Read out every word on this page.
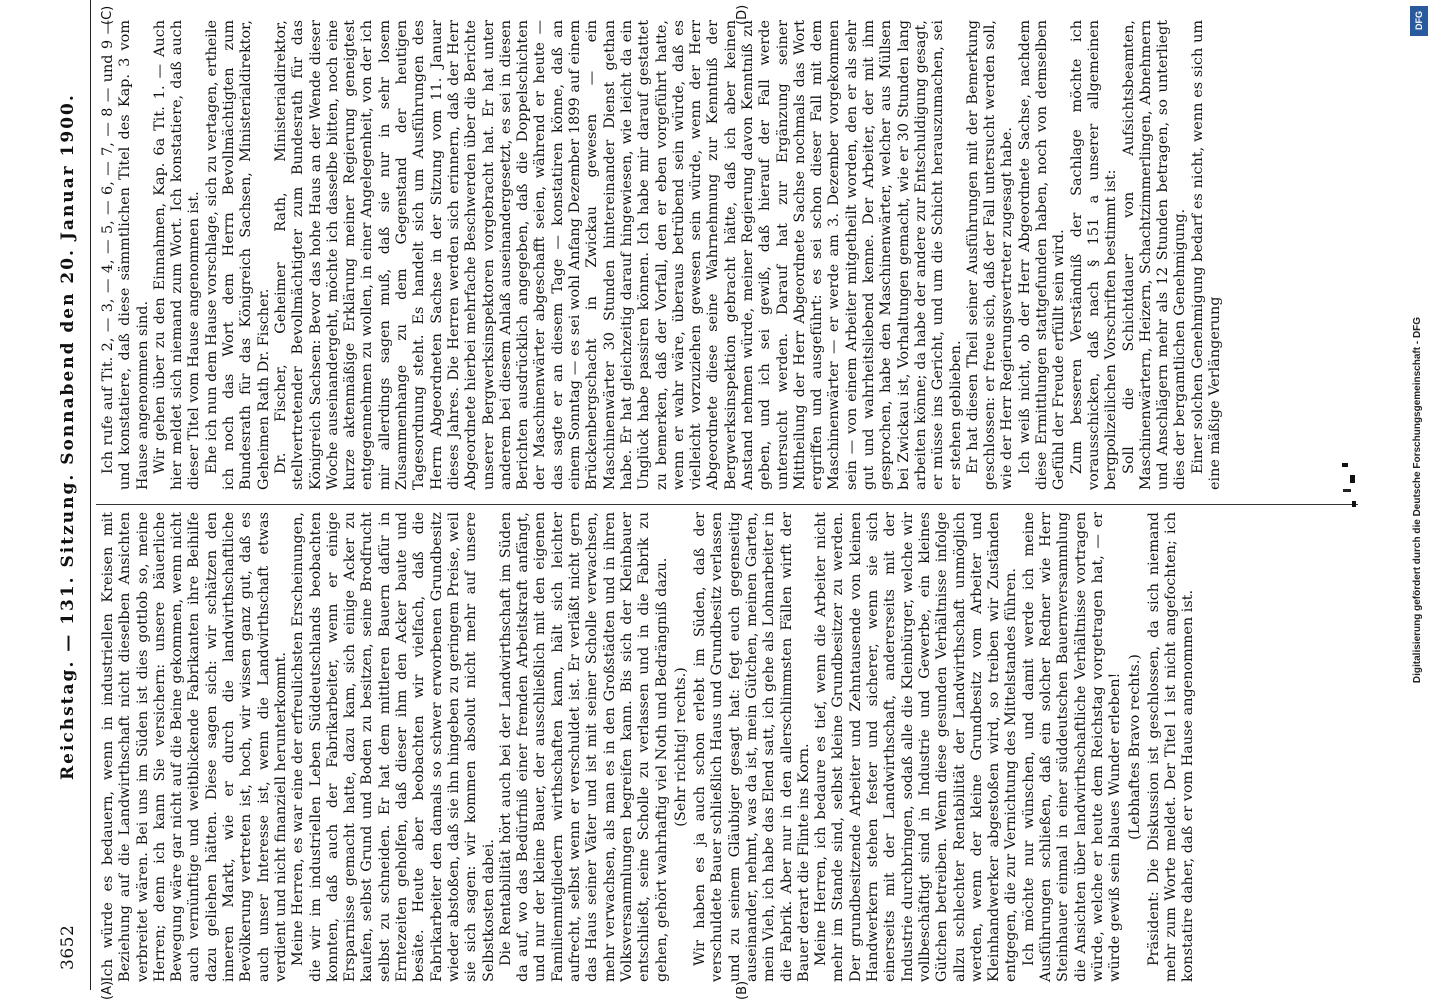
3652
Reichstag. — 131. Sitzung. Sonnabend den 20. Januar 1900.
(A)	(B)
(C)	(D)

Ich würde es bedauern, wenn in industriellen Kreisen mit Beziehung auf die Landwirthschaft nicht dieselben Ansichten verbreitet wären. Bei uns im Süden ist dies gottlob so, meine Herren; denn ich kann Sie versichern: unsere bäuerliche Bewegung wäre gar nicht auf die Beine gekommen, wenn nicht auch vernünftige und weitblickende Fabrikanten ihre Beihilfe dazu geliehen hätten. Diese sagen sich: wir schätzen den inneren Markt, wie er durch die landwirthschaftliche Bevölkerung vertreten ist, hoch, wir wissen ganz gut, daß es auch unser Interesse ist, wenn die Landwirthschaft etwas verdient und nicht finanziell herunterkommt. Meine Herren, es war eine der erfreulichsten Erscheinungen, die wir im industriellen Leben Süddeutschlands beobachten konnten, daß auch der Fabrikarbeiter, wenn er einige Ersparnisse gemacht hatte, dazu kam, sich einige Acker zu kaufen, selbst Grund und Boden zu besitzen, seine Brodfrucht selbst zu schneiden. Er hat dem mittleren Bauern dafür in Erntezeiten geholfen, daß dieser ihm den Acker baute und besäte. Heute aber beobachten wir vielfach, daß die Fabrikarbeiter den damals so schwer erworbenen Grundbesitz wieder abstoßen, daß sie ihn hingeben zu geringem Preise, weil sie sich sagen: wir kommen absolut nicht mehr auf unsere Selbstkosten dabei. Die Rentabilität hört auch bei der Landwirthschaft im Süden da auf, wo das Bedürfniß einer fremden Arbeitskraft anfängt, und nur der kleine Bauer, der ausschließlich mit den eigenen Familienmitgliedern wirthschaften kann, hält sich leichter aufrecht, selbst wenn er verschuldet ist. Er verläßt nicht gern das Haus seiner Väter und ist mit seiner Scholle verwachsen, mehr verwachsen, als man es in den Großstädten und in ihren Volksversammlungen begreifen kann. Bis sich der Kleinbauer entschließt, seine Scholle zu verlassen und in die Fabrik zu gehen, gehört wahrhaftig viel Noth und Bedrängniß dazu. (Sehr richtig! rechts.) Wir haben es ja auch schon erlebt im Süden, daß der verschuldete Bauer schließlich Haus und Grundbesitz verlassen und zu seinem Gläubiger gesagt hat: fegt euch gegenseitig auseinander, nehmt, was da ist, mein Gütchen, meinen Garten, mein Vieh, ich habe das Elend satt, ich gehe als Lohnarbeiter in die Fabrik. Aber nur in den allerschlimmsten Fällen wirft der Bauer derart die Flinte ins Korn. Meine Herren, ich bedaure es tief, wenn die Arbeiter nicht mehr im Stande sind, selbst kleine Grundbesitzer zu werden. Der grundbesitzende Arbeiter und Zehntausende von kleinen Handwerkern stehen fester und sicherer, wenn sie sich einerseits mit der Landwirthschaft, andererseits mit der Industrie durchbringen, sodaß alle die Kleinbürger, welche wir vollbeschäftigt sind in Industrie und Gewerbe, ein kleines Gütchen betreiben. Wenn diese gesunden Verhältnisse infolge allzu schlechter Rentabilität der Landwirthschaft unmöglich werden, wenn der kleine Grundbesitz vom Arbeiter und Kleinhandwerker abgestoßen wird, so treiben wir Zuständen entgegen, die zur Vernichtung des Mittelstandes führen. Ich möchte nur wünschen, und damit werde ich meine Ausführungen schließen, daß ein solcher Redner wie Herr Steinhauer einmal in einer süddeutschen Bauernversammlung die Ansichten über landwirthschaftliche Verhältnisse vortragen würde, welche er heute dem Reichstag vorgetragen hat, — er würde gewiß sein blaues Wunder erleben! (Lebhaftes Bravo rechts.) Präsident: Die Diskussion ist geschlossen, da sich niemand mehr zum Worte meldet. Der Titel 1 ist nicht angefochten; ich konstatire daher, daß er vom Hause angenommen ist.

Ich rufe auf Tit. 2, — 3, — 4, — 5, — 6, — 7, — 8 — und 9 — und konstatiere, daß diese sämmtlichen Titel des Kap. 3 vom Hause angenommen sind. Wir gehen über zu den Einnahmen, Kap. 6a Tit. 1. — Auch hier meldet sich niemand zum Wort. Ich konstatiere, daß auch dieser Titel vom Hause angenommen ist. Ehe ich nun dem Hause vorschlage, sich zu vertagen, ertheile ich noch das Wort dem Herrn Bevollmächtigten zum Bundesrath für das Königreich Sachsen, Ministerialdirektor, Geheimen Rath Dr. Fischer. Dr. Fischer, Geheimer Rath, Ministerialdirektor, stellvertretender Bevollmächtigter zum Bundesrath für das Königreich Sachsen: Bevor das hohe Haus an der Wende dieser Woche auseinandergeht, möchte ich dasselbe bitten, noch eine kurze aktenmäßige Erklärung meiner Regierung geneigtest entgegennehmen zu wollen, in einer Angelegenheit, von der ich mir allerdings sagen muß, daß sie nur in sehr losem Zusammenhange zu dem Gegenstand der heutigen Tagesordnung steht. Es handelt sich um Ausführungen des Herrn Abgeordneten Sachse in der Sitzung vom 11. Januar dieses Jahres. Die Herren werden sich erinnern, daß der Herr Abgeordnete hierbei mehrfache Beschwerden über die Berichte unserer Bergwerksinspektoren vorgebracht hat. Er hat unter anderem bei diesem Anlaß auseinandergesetzt, es sei in diesen Berichten ausdrücklich angegeben, daß die Doppelschichten der Maschinenwärter abgeschafft seien, während er heute — das sagte er an diesem Tage — konstatiren könne, daß an einem Sonntag — es sei wohl Anfang Dezember 1899 auf einem Brückenbergschacht in Zwickau gewesen — ein Maschinenwärter 30 Stunden hintereinander Dienst gethan habe. Er hat gleichzeitig darauf hingewiesen, wie leicht da ein Unglück habe passiren können. Ich habe mir darauf gestattet zu bemerken, daß der Vorfall, den er eben vorgeführt hatte, wenn er wahr wäre, überaus betrübend sein würde, daß es vielleicht vorzuziehen gewesen sein würde, wenn der Herr Abgeordnete diese seine Wahrnehmung zur Kenntniß der Bergwerksinspektion gebracht hätte, daß ich aber keinen Anstand nehmen würde, meiner Regierung davon Kenntniß zu geben, und ich sei gewiß, daß hierauf der Fall werde untersucht werden. Darauf hat zur Ergänzung seiner Mittheilung der Herr Abgeordnete Sachse nochmals das Wort ergriffen und ausgeführt: es sei schon dieser Fall mit dem Maschinenwärter — er werde am 3. Dezember vorgekommen sein — von einem Arbeiter mitgetheilt worden, den er als sehr gut und wahrheitsliebend kenne. Der Arbeiter, der mit ihm gesprochen, habe den Maschinenwärter, welcher aus Müllsen bei Zwickau ist, Vorhaltungen gemacht, wie er 30 Stunden lang arbeiten könne; da habe der andere zur Entschuldigung gesagt, er müsse ins Gericht, und um die Schicht herauszumachen, sei er stehen geblieben. Er hat diesen Theil seiner Ausführungen mit der Bemerkung geschlossen: er freue sich, daß der Fall untersucht werden soll, wie der Herr Regierungsvertreter zugesagt habe. Ich weiß nicht, ob der Herr Abgeordnete Sachse, nachdem diese Ermittlungen stattgefunden haben, noch von demselben Gefühl der Freude erfüllt sein wird. Zum besseren Verständniß der Sachlage möchte ich vorausschicken, daß nach § 151 a unserer allgemeinen bergpolizeilichen Vorschriften bestimmt ist: Soll die Schichtdauer von Aufsichtsbeamten, Maschinenwärtern, Heizern, Schachtzimmerlingen, Abnehmern und Anschlägern mehr als 12 Stunden betragen, so unterliegt dies der bergamtlichen Genehmigung. Einer solchen Genehmigung bedarf es nicht, wenn es sich um eine mäßige Verlängerung	Digitalisierung gefördert durch die Deutsche Forschungsgemeinschaft - DFG
DFG
